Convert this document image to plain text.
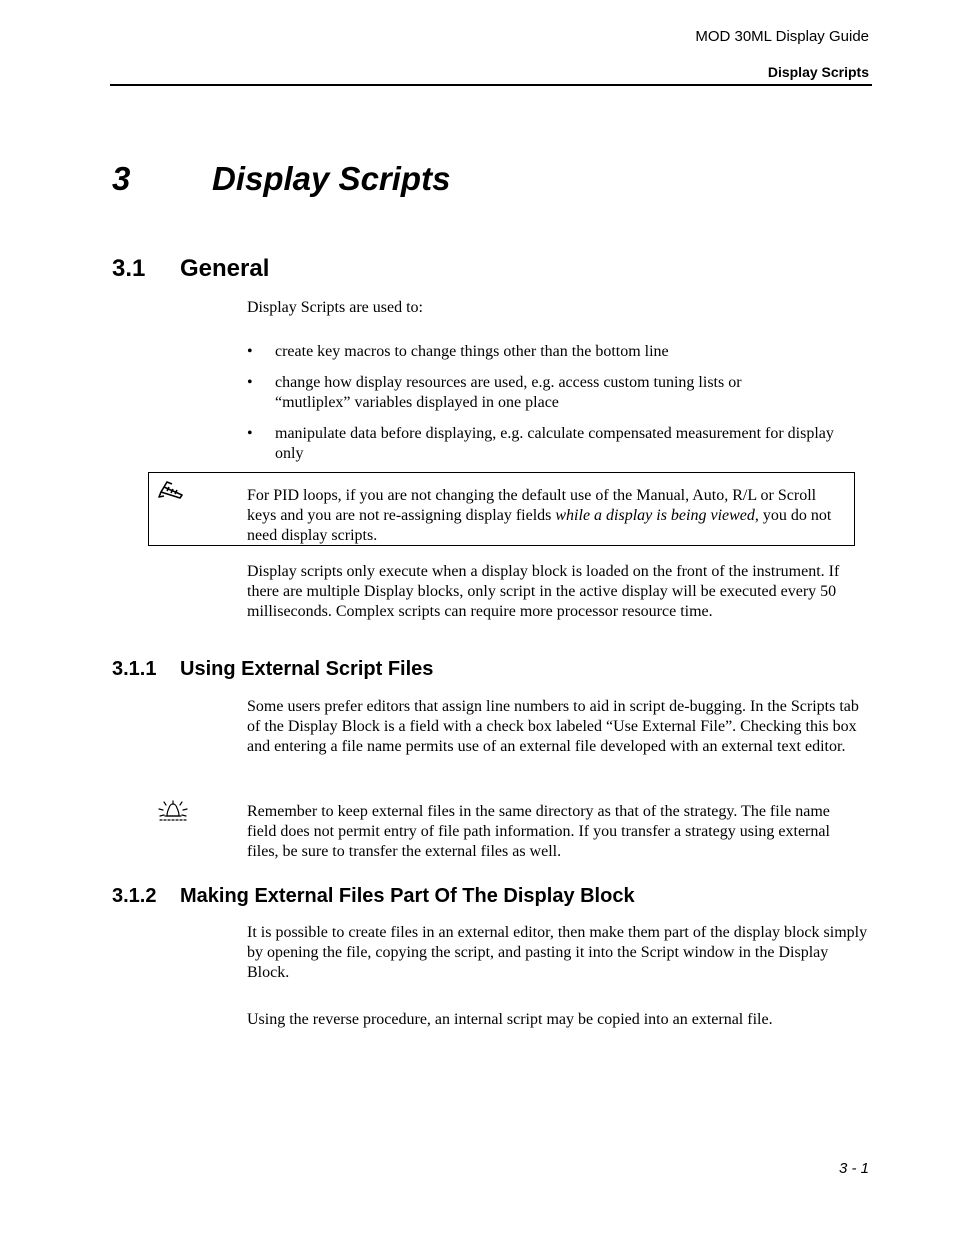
MOD 30ML Display Guide
Display Scripts
3 Display Scripts
3.1 General
Display Scripts are used to:
• create key macros to change things other than the bottom line
• change how display resources are used, e.g. access custom tuning lists or “mutliplex” variables displayed in one place
• manipulate data before displaying, e.g. calculate compensated measurement for display only
For PID loops, if you are not changing the default use of the Manual, Auto, R/L or Scroll keys and you are not re-assigning display fields while a display is being viewed, you do not need display scripts.
Display scripts only execute when a display block is loaded on the front of the instrument. If there are multiple Display blocks, only script in the active display will be executed every 50 milliseconds. Complex scripts can require more processor resource time.
3.1.1 Using External Script Files
Some users prefer editors that assign line numbers to aid in script de-bugging. In the Scripts tab of the Display Block is a field with a check box labeled “Use External File”. Checking this box and entering a file name permits use of an external file developed with an external text editor.
Remember to keep external files in the same directory as that of the strategy. The file name field does not permit entry of file path information. If you transfer a strategy using external files, be sure to transfer the external files as well.
3.1.2 Making External Files Part Of The Display Block
It is possible to create files in an external editor, then make them part of the display block simply by opening the file, copying the script, and pasting it into the Script window in the Display Block.
Using the reverse procedure, an internal script may be copied into an external file.
3 - 1
